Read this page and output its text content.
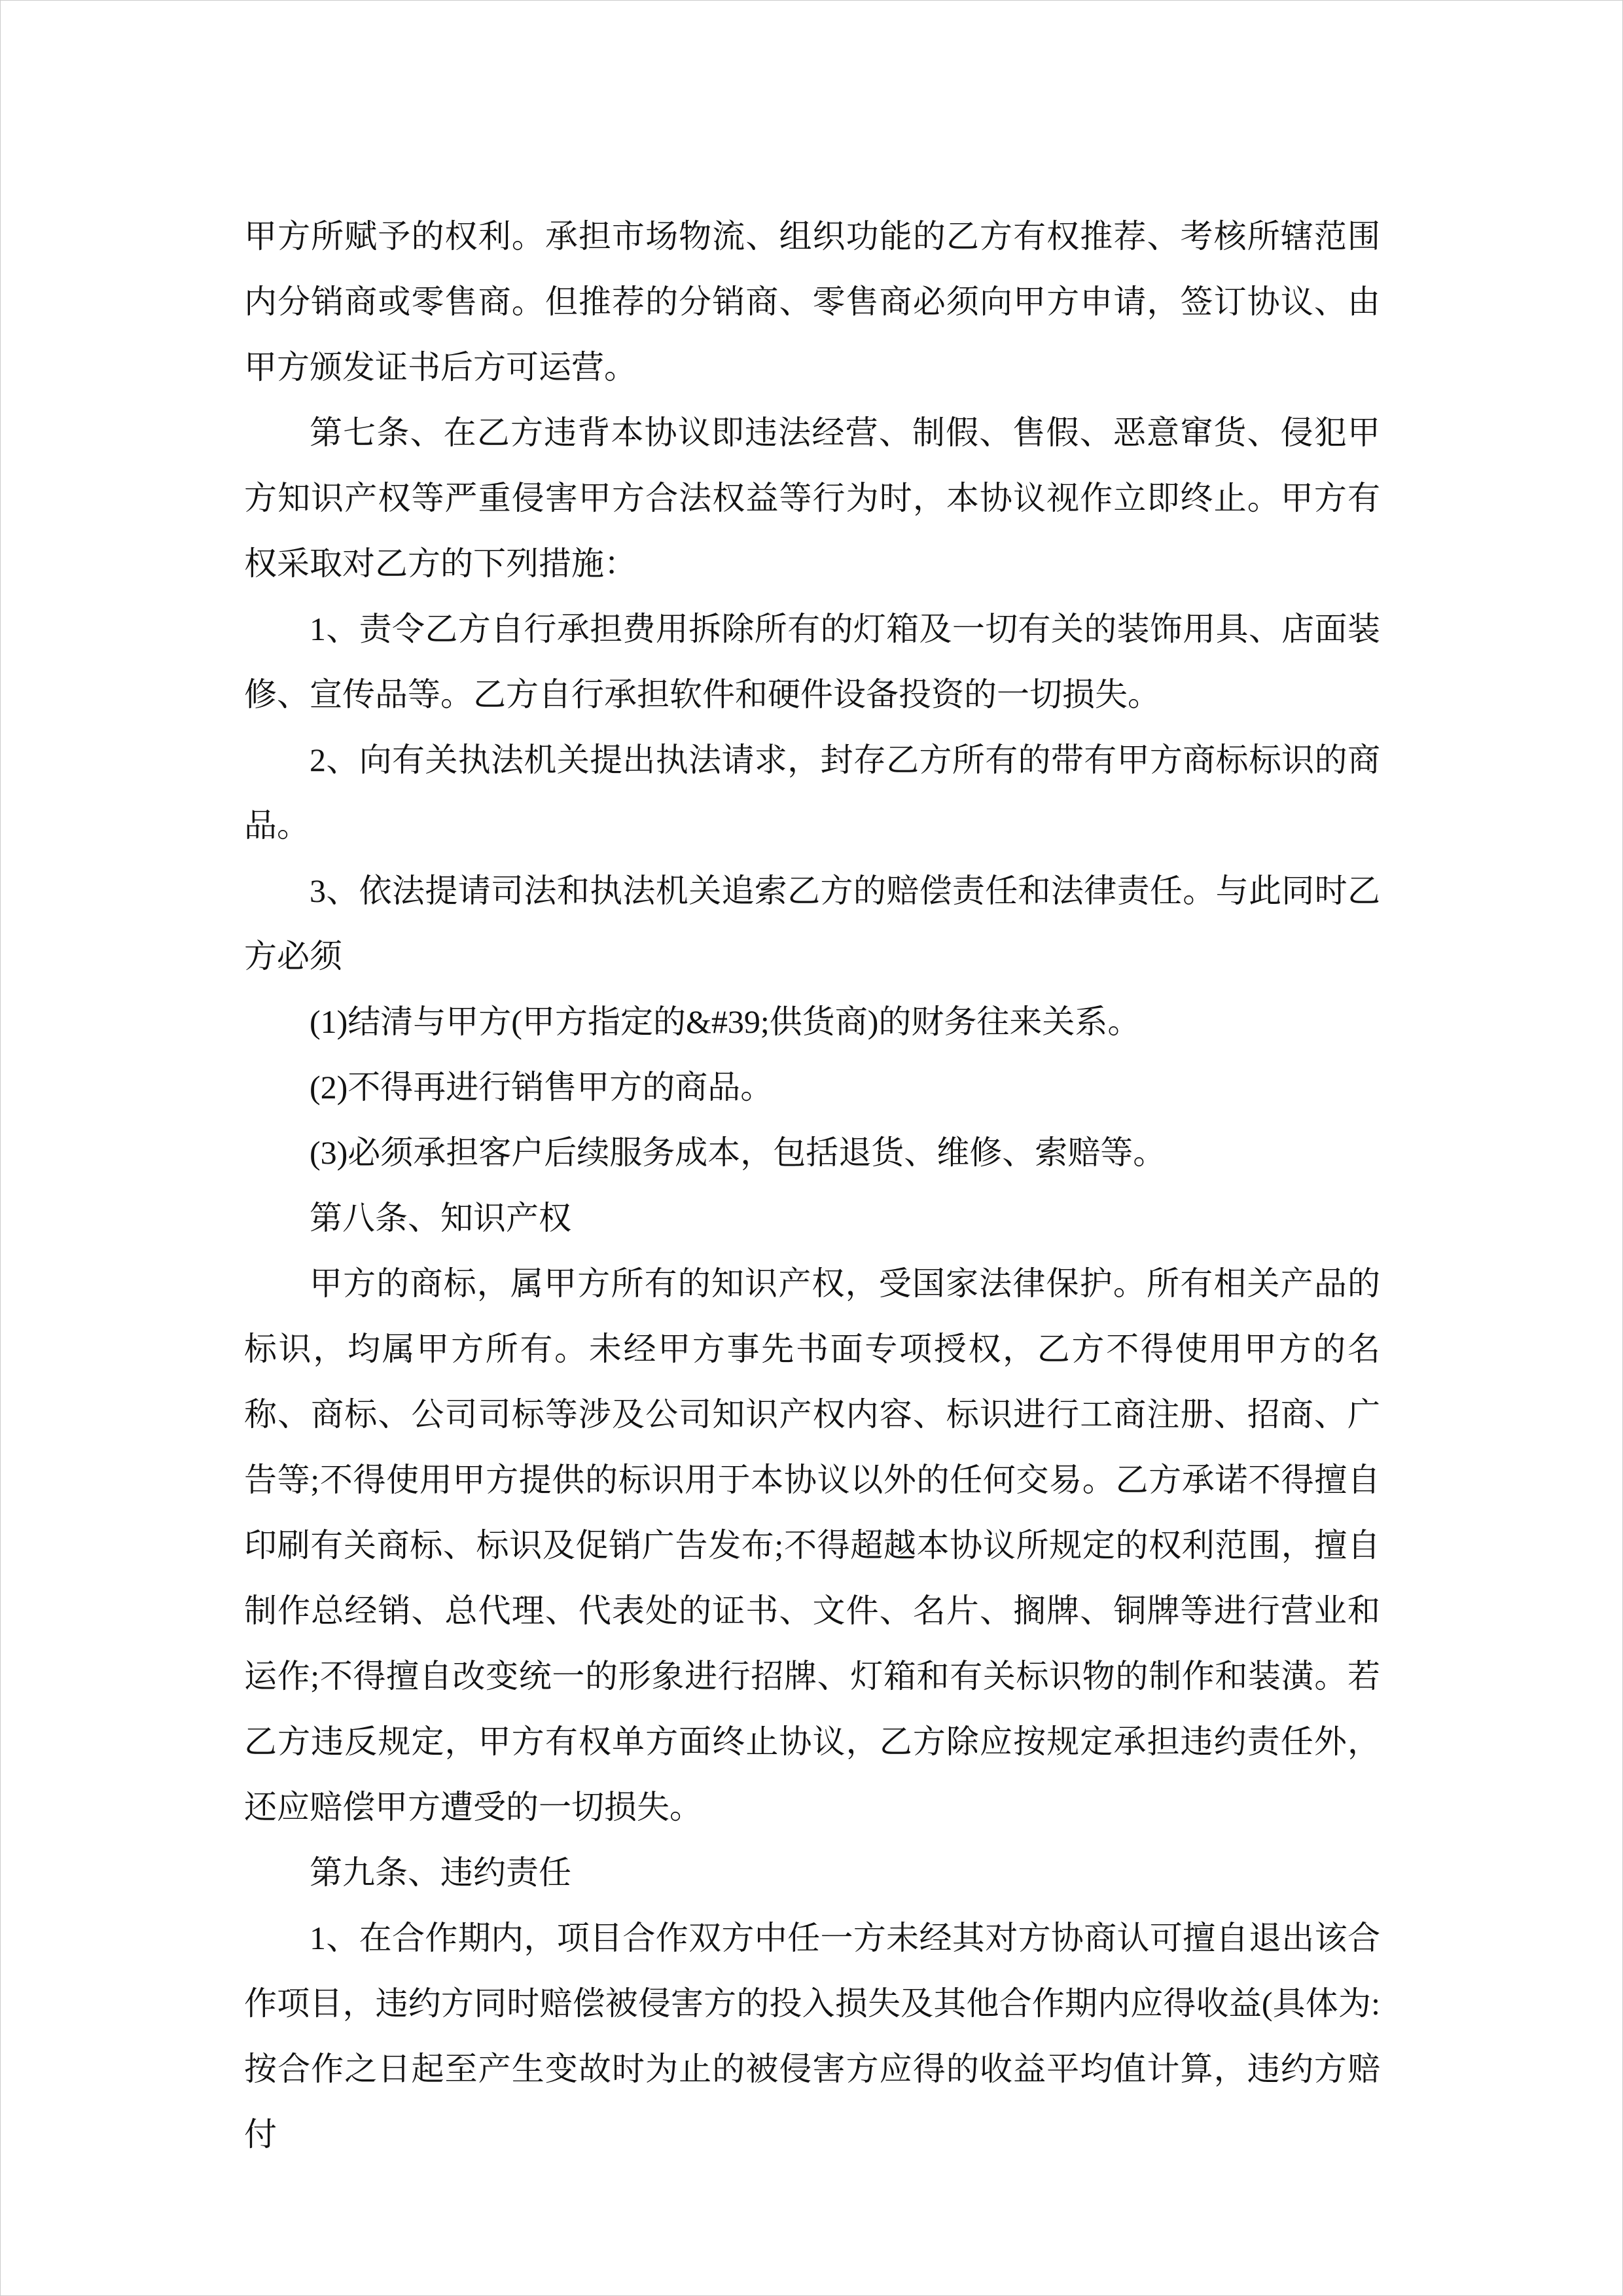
甲方所赋予的权利。承担市场物流、组织功能的乙方有权推荐、考核所辖范围内分销商或零售商。但推荐的分销商、零售商必须向甲方申请，签订协议、由甲方颁发证书后方可运营。

第七条、在乙方违背本协议即违法经营、制假、售假、恶意窜货、侵犯甲方知识产权等严重侵害甲方合法权益等行为时，本协议视作立即终止。甲方有权采取对乙方的下列措施：

1、责令乙方自行承担费用拆除所有的灯箱及一切有关的装饰用具、店面装修、宣传品等。乙方自行承担软件和硬件设备投资的一切损失。

2、向有关执法机关提出执法请求，封存乙方所有的带有甲方商标标识的商品。

3、依法提请司法和执法机关追索乙方的赔偿责任和法律责任。与此同时乙方必须

(1)结清与甲方(甲方指定的&#39;供货商)的财务往来关系。

(2)不得再进行销售甲方的商品。

(3)必须承担客户后续服务成本，包括退货、维修、索赔等。

第八条、知识产权

甲方的商标，属甲方所有的知识产权，受国家法律保护。所有相关产品的标识，均属甲方所有。未经甲方事先书面专项授权，乙方不得使用甲方的名称、商标、公司司标等涉及公司知识产权内容、标识进行工商注册、招商、广告等;不得使用甲方提供的标识用于本协议以外的任何交易。乙方承诺不得擅自印刷有关商标、标识及促销广告发布;不得超越本协议所规定的权利范围，擅自制作总经销、总代理、代表处的证书、文件、名片、搁牌、铜牌等进行营业和运作;不得擅自改变统一的形象进行招牌、灯箱和有关标识物的制作和装潢。若乙方违反规定，甲方有权单方面终止协议，乙方除应按规定承担违约责任外，还应赔偿甲方遭受的一切损失。

第九条、违约责任

1、在合作期内，项目合作双方中任一方未经其对方协商认可擅自退出该合作项目，违约方同时赔偿被侵害方的投入损失及其他合作期内应得收益(具体为:按合作之日起至产生变故时为止的被侵害方应得的收益平均值计算，违约方赔付
